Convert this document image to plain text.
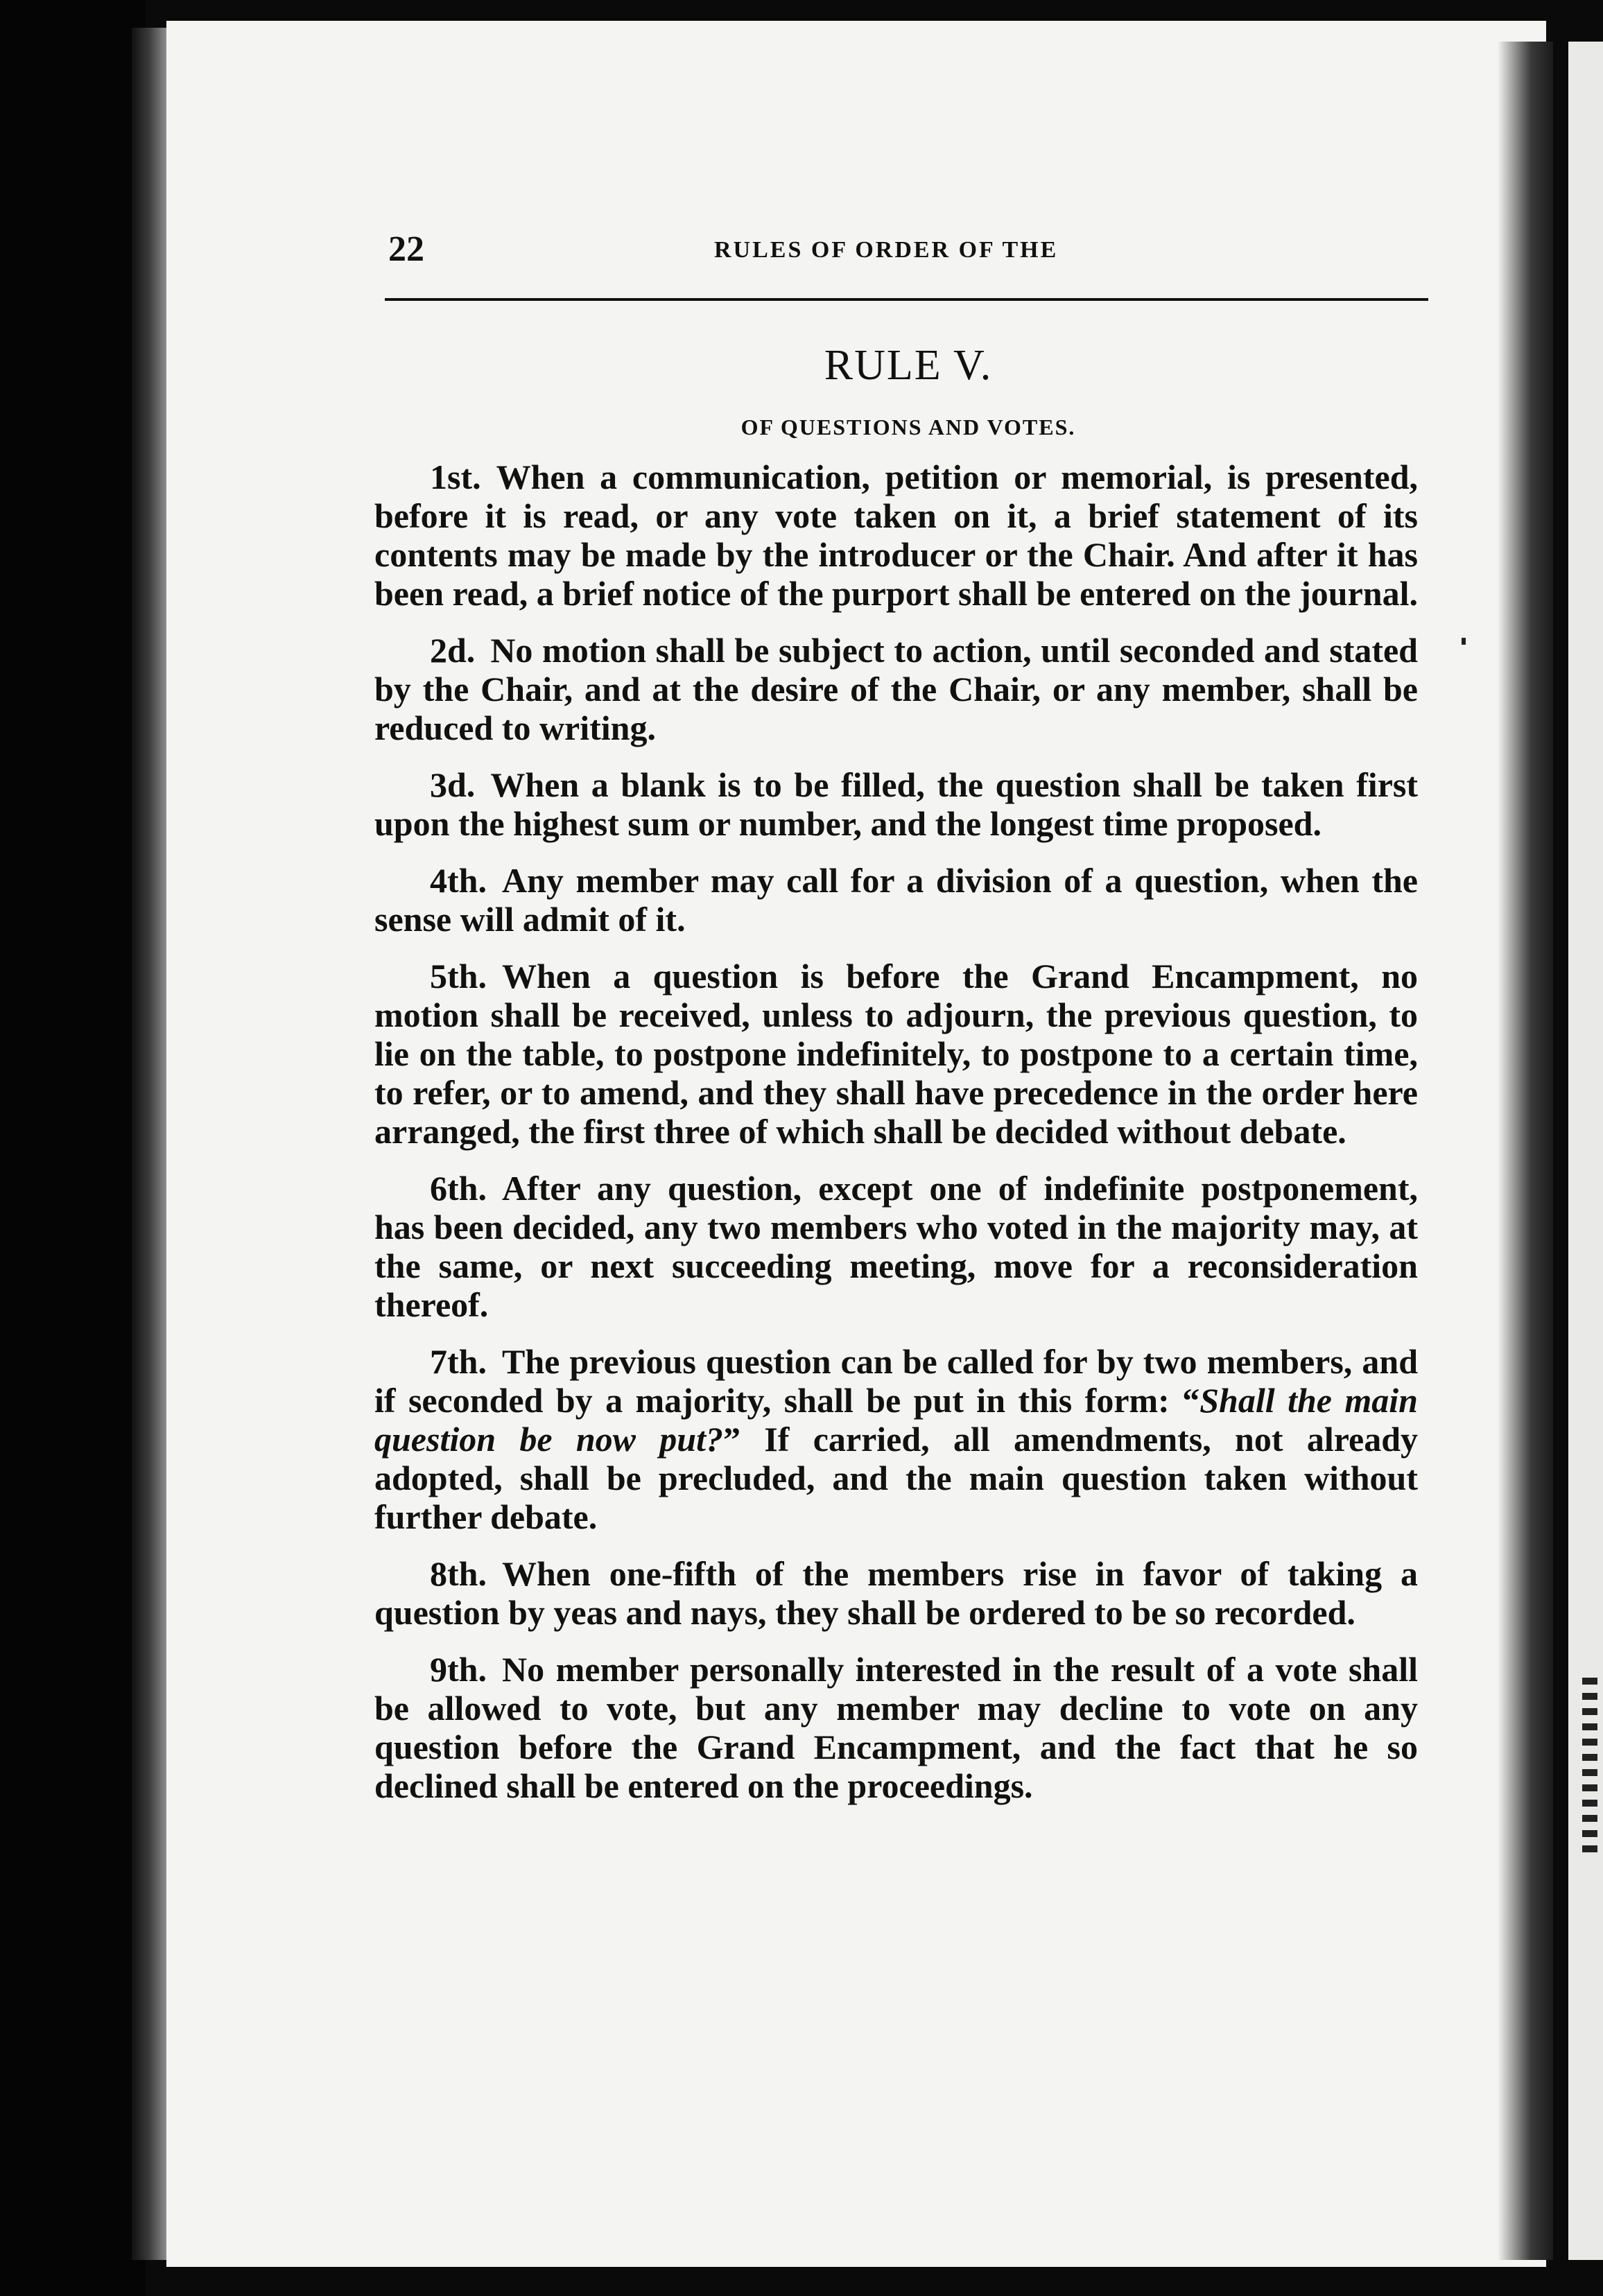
22	RULES OF ORDER OF THE
RULE V.
OF QUESTIONS AND VOTES.

1st. When a communication, petition or memorial, is presented, before it is read, or any vote taken on it, a brief statement of its contents may be made by the introducer or the Chair. And after it has been read, a brief notice of the purport shall be entered on the journal.

2d. No motion shall be subject to action, until seconded and stated by the Chair, and at the desire of the Chair, or any member, shall be reduced to writing.

3d. When a blank is to be filled, the question shall be taken first upon the highest sum or number, and the longest time proposed.

4th. Any member may call for a division of a question, when the sense will admit of it.

5th. When a question is before the Grand Encampment, no motion shall be received, unless to adjourn, the previous question, to lie on the table, to postpone indefinitely, to postpone to a certain time, to refer, or to amend, and they shall have precedence in the order here arranged, the first three of which shall be decided without debate.

6th. After any question, except one of indefinite postponement, has been decided, any two members who voted in the majority may, at the same, or next succeeding meeting, move for a reconsideration thereof.

7th. The previous question can be called for by two members, and if seconded by a majority, shall be put in this form: “Shall the main question be now put?” If carried, all amendments, not already adopted, shall be precluded, and the main question taken without further debate.

8th. When one-fifth of the members rise in favor of taking a question by yeas and nays, they shall be ordered to be so recorded.

9th. No member personally interested in the result of a vote shall be allowed to vote, but any member may decline to vote on any question before the Grand Encampment, and the fact that he so declined shall be entered on the proceedings.
